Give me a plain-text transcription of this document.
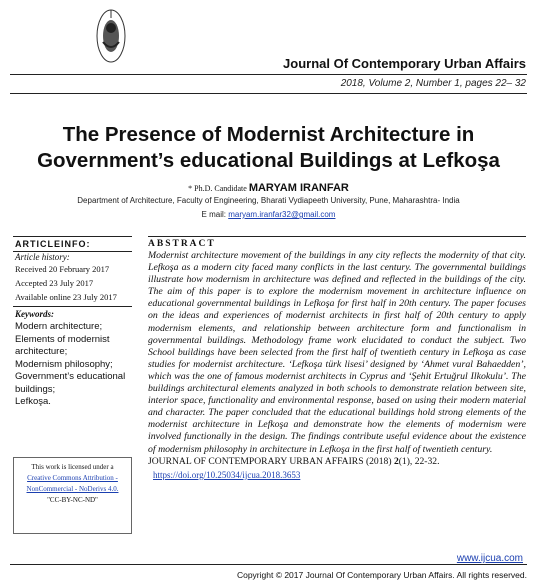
Journal Of Contemporary Urban Affairs
2018, Volume 2, Number 1, pages 22– 32
The Presence of Modernist Architecture in Government’s educational Buildings at Lefkoşa
* Ph.D. Candidate MARYAM IRANFAR
Department of Architecture, Faculty of Engineering, Bharati Vydiapeeth University, Pune, Maharashtra- India
E mail: maryam.iranfar32@gmail.com
ARTICLEINFO:
Article history:
Received 20 February 2017
Accepted 23 July 2017
Available online 23 July 2017
Keywords:
Modern architecture;
Elements of modernist architecture;
Modernism philosophy;
Government’s educational buildings;
Lefkoşa.
This work is licensed under a
Creative Commons Attribution -
NonCommercial - NoDerivs 4.0.
"CC-BY-NC-ND"
ABSTRACT
Modernist architecture movement of the buildings in any city reflects the modernity of that city. Lefkoşa as a modern city faced many conflicts in the last century. The governmental buildings illustrate how modernism in architecture was defined and reflected in the buildings of the city. The aim of this paper is to explore the modernism movement in architecture influence on educational governmental buildings in Lefkoşa for first half in 20th century. The paper focuses on the ideas and experiences of modernist architects in first half of 20th century to apply modernism elements, and relationship between architecture form and functionalism in governmental buildings. Methodology frame work elucidated to conduct the subject. Two School buildings have been selected from the first half of twentieth century in Lefkoşa as case studies for modernist architecture. ‘Lefkoşa türk lisesi’ designed by ‘Ahmet vural Bahaedden’, which was the one of famous modernist architects in Cyprus and ‘Şehit Ertuğrul Ilkokulu’. The buildings architectural elements analyzed in both schools to demonstrate relation between site, interior space, functionality and environmental response, based on using their modern material and character. The paper concluded that the educational buildings hold strong elements of the modernist architecture in Lefkoşa and demonstrate how the elements of modernism were involved functionally in the design. The findings contribute useful evidence about the existence of modernism philosophy in architecture in Lefkoşa in the first half of twentieth century.
JOURNAL OF CONTEMPORARY URBAN AFFAIRS (2018) 2(1), 22-32.
https://doi.org/10.25034/ijcua.2018.3653
www.ijcua.com
Copyright © 2017 Journal Of Contemporary Urban Affairs. All rights reserved.
